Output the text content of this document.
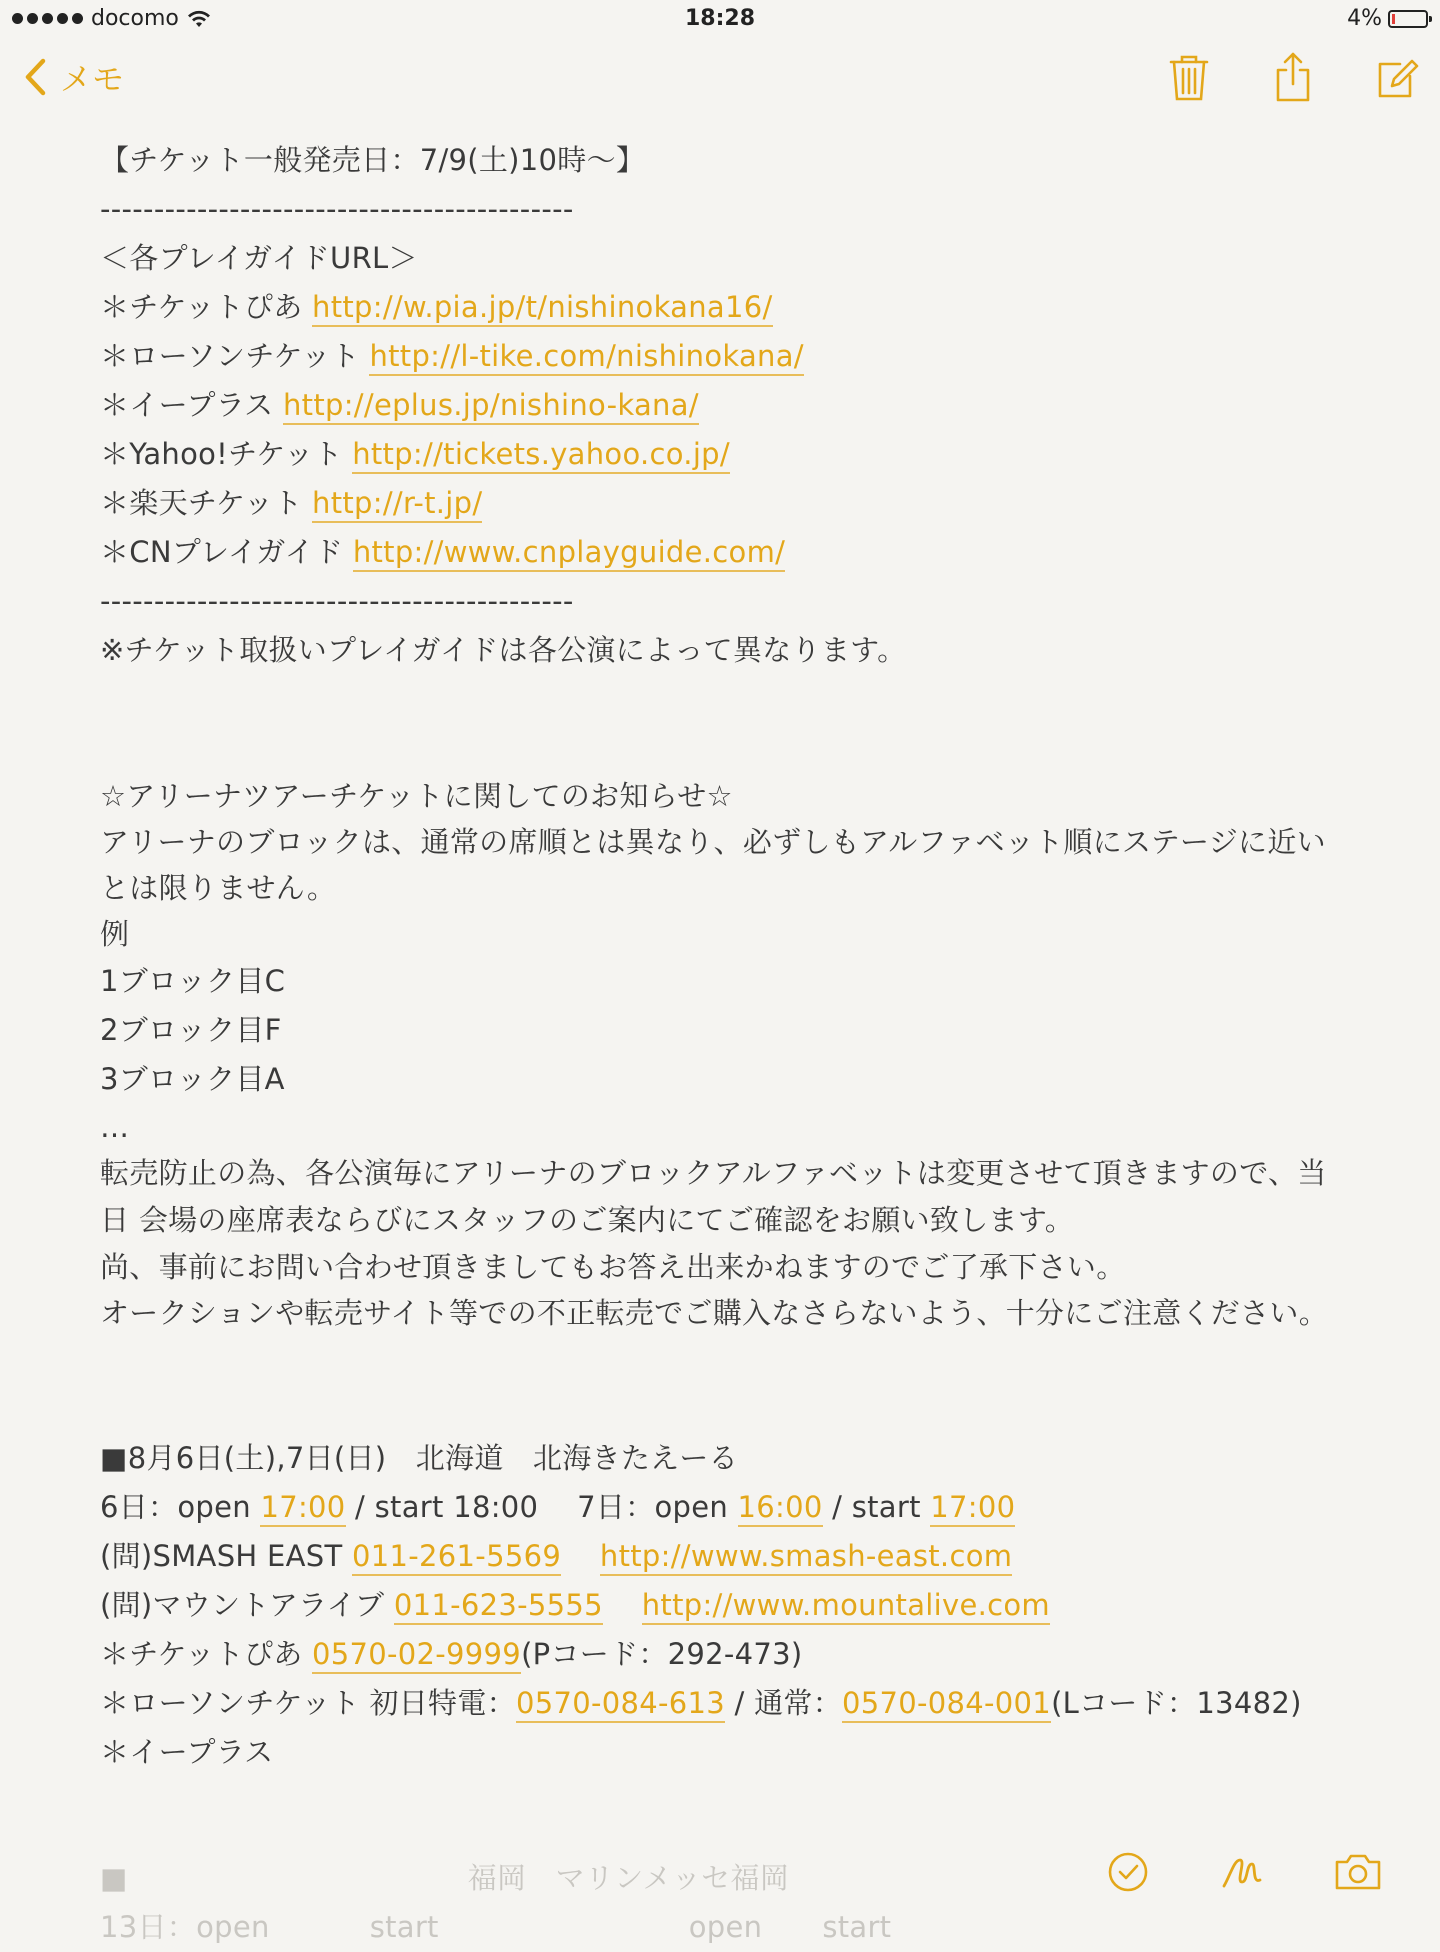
docomo	18:28	4%
メモ
【チケット一般発売日：7/9(土)10時〜】
--------------------------------------------
＜各プレイガイドURL＞
＊チケットぴあ http://w.pia.jp/t/nishinokana16/
＊ローソンチケット http://l-tike.com/nishinokana/
＊イープラス http://eplus.jp/nishino-kana/
＊Yahoo!チケット http://tickets.yahoo.co.jp/
＊楽天チケット http://r-t.jp/
＊CNプレイガイド http://www.cnplayguide.com/
--------------------------------------------
※チケット取扱いプレイガイドは各公演によって異なります。
☆アリーナツアーチケットに関してのお知らせ☆
アリーナのブロックは、通常の席順とは異なり、必ずしもアルファベット順にステージに近いとは限りません。
例
1ブロック目C
2ブロック目F
3ブロック目A
…
転売防止の為、各公演毎にアリーナのブロックアルファベットは変更させて頂きますので、当日 会場の座席表ならびにスタッフのご案内にてご確認をお願い致します。
尚、事前にお問い合わせ頂きましてもお答え出来かねますのでご了承下さい。
オークションや転売サイト等での不正転売でご購入なさらないよう、十分にご注意ください。
■8月6日(土),7日(日)　北海道　北海きたえーる
6日：open 17:00 / start 18:00　 7日：open 16:00 / start 17:00
(問)SMASH EAST 011-261-5569　 http://www.smash-east.com
(問)マウントアライブ 011-623-5555　 http://www.mountalive.com
＊チケットぴあ 0570-02-9999(Pコード：292-473)
＊ローソンチケット 初日特電：0570-084-613 / 通常：0570-084-001(Lコード：13482)
＊イープラス
■	福岡　マリンメッセ福岡
13日：open	start	open start
